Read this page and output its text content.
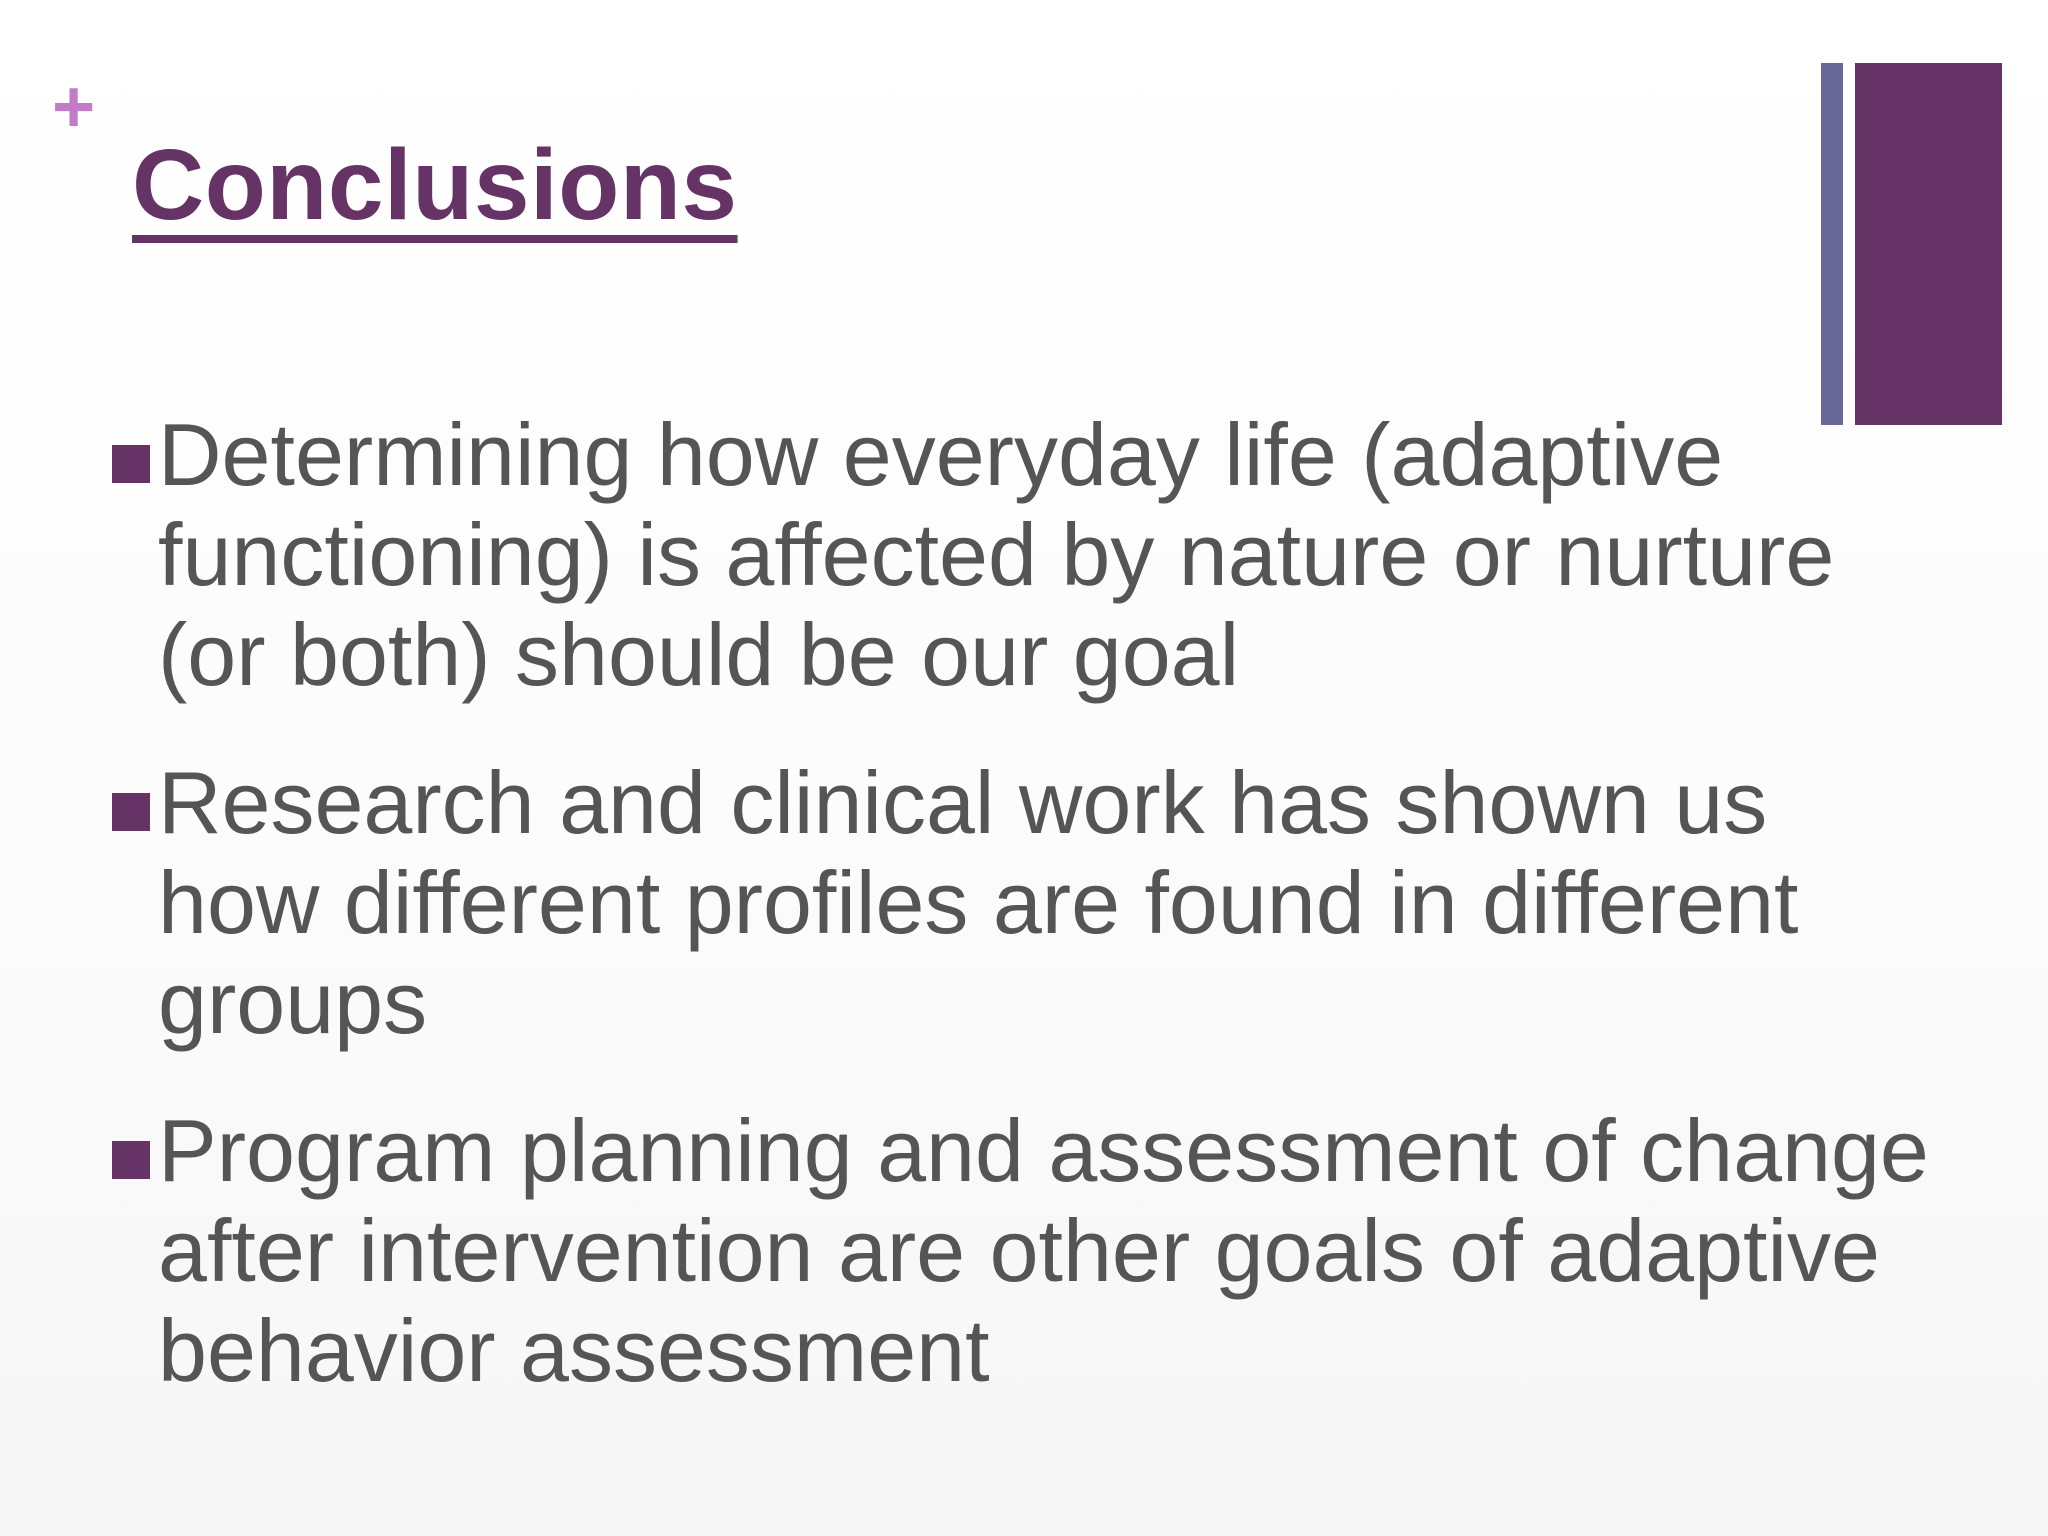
+
Conclusions
Determining how everyday life (adaptive functioning) is affected by nature or nurture (or both) should be our goal
Research and clinical work has shown us how different profiles are found in different groups
Program planning and assessment of change after intervention are other goals of adaptive behavior assessment
